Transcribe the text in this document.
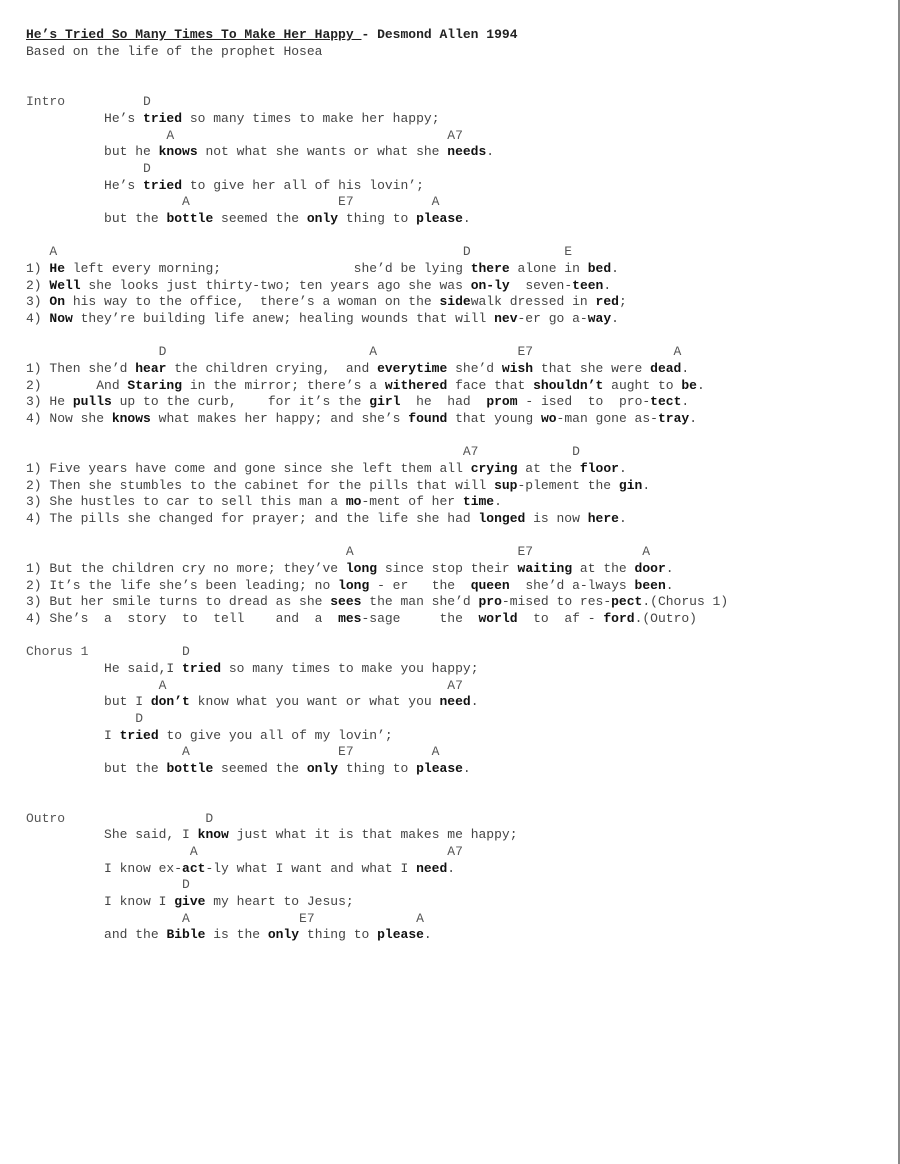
He’s Tried So Many Times To Make Her Happy - Desmond Allen 1994
Based on the life of the prophet Hosea
Intro          D
He’s tried so many times to make her happy;
A                                   A7
but he knows not what she wants or what she needs.
D
He’s tried to give her all of his lovin’;
A                   E7          A
but the bottle seemed the only thing to please.
A                                                    D            E
1) He left every morning;                 she’d be lying there alone in bed.
2) Well she looks just thirty-two; ten years ago she was on-ly  seven-teen.
3) On his way to the office,  there’s a woman on the sidewalk dressed in red;
4) Now they’re building life anew; healing wounds that will nev-er go a-way.
D                          A                  E7                  A
1) Then she’d hear the children crying,  and everytime she’d wish that she were dead.
2)       And Staring in the mirror; there’s a withered face that shouldn’t aught to be.
3) He pulls up to the curb,    for it’s the girl  he  had  prom - ised  to  pro-tect.
4) Now she knows what makes her happy; and she’s found that young wo-man gone as-tray.
A7            D
1) Five years have come and gone since she left them all crying at the floor.
2) Then she stumbles to the cabinet for the pills that will sup-plement the gin.
3) She hustles to car to sell this man a mo-ment of her time.
4) The pills she changed for prayer; and the life she had longed is now here.
A                     E7              A
1) But the children cry no more; they’ve long since stop their waiting at the door.
2) It’s the life she’s been leading; no long - er   the  queen  she’d a-lways been.
3) But her smile turns to dread as she sees the man she’d pro-mised to res-pect.(Chorus 1)
4) She’s  a  story  to  tell    and  a  mes-sage     the  world  to  af - ford.(Outro)
Chorus 1            D
He said,I tried so many times to make you happy;
A                                    A7
but I don’t know what you want or what you need.
D
I tried to give you all of my lovin’;
A                   E7          A
but the bottle seemed the only thing to please.
Outro                  D
She said, I know just what it is that makes me happy;
A                                A7
I know ex-act-ly what I want and what I need.
D
I know I give my heart to Jesus;
A              E7             A
and the Bible is the only thing to please.
